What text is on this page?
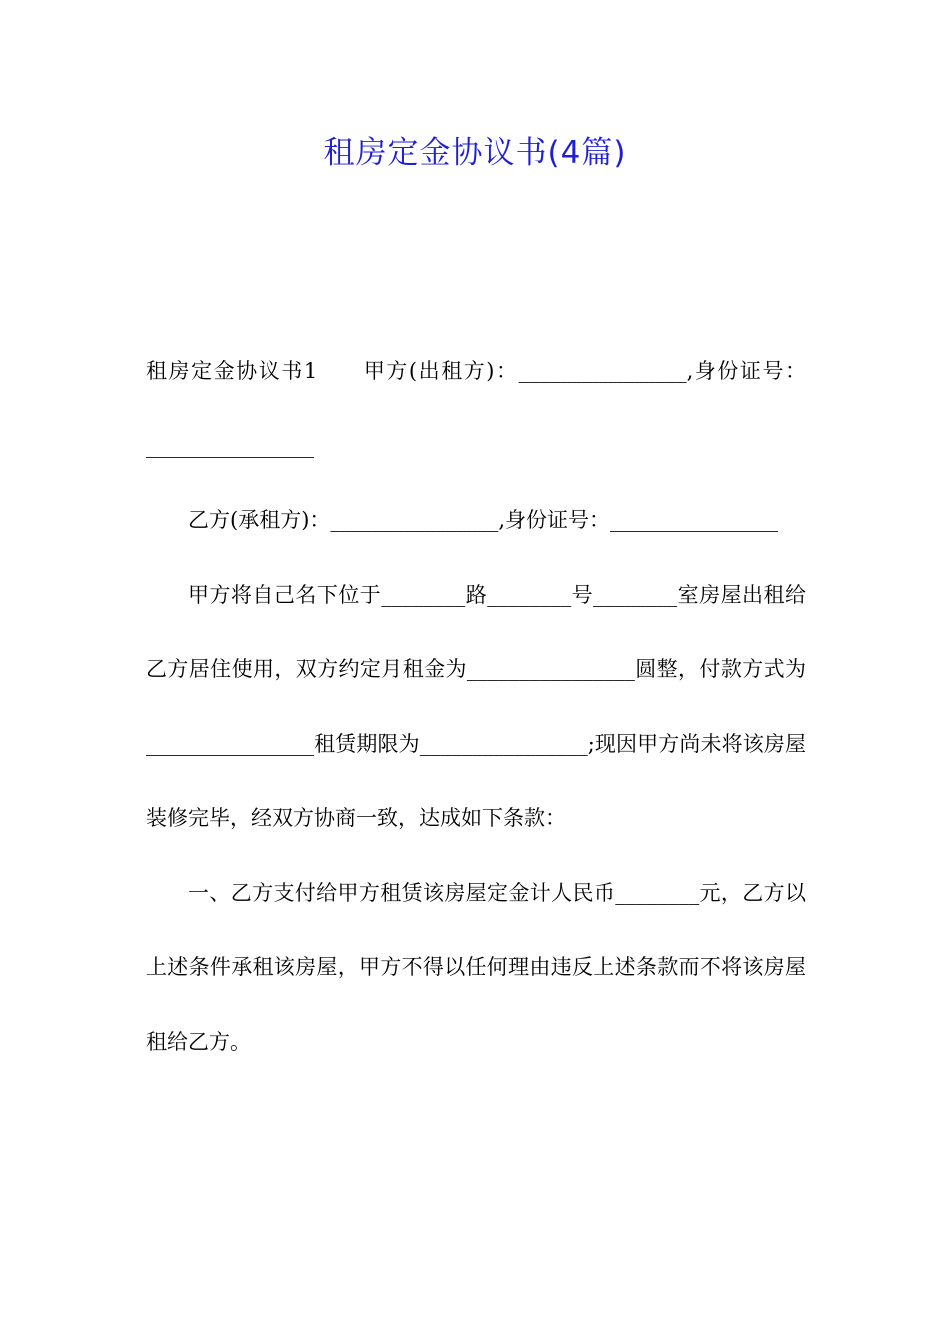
租房定金协议书(4篇)

租房定金协议书1　　甲方(出租方)：________________,身份证号：________________

乙方(承租方)：________________,身份证号：________________

甲方将自己名下位于________路________号________室房屋出租给乙方居住使用，双方约定月租金为________________圆整，付款方式为________________租赁期限为________________;现因甲方尚未将该房屋装修完毕，经双方协商一致，达成如下条款：

一、乙方支付给甲方租赁该房屋定金计人民币________元，乙方以上述条件承租该房屋，甲方不得以任何理由违反上述条款而不将该房屋租给乙方。
